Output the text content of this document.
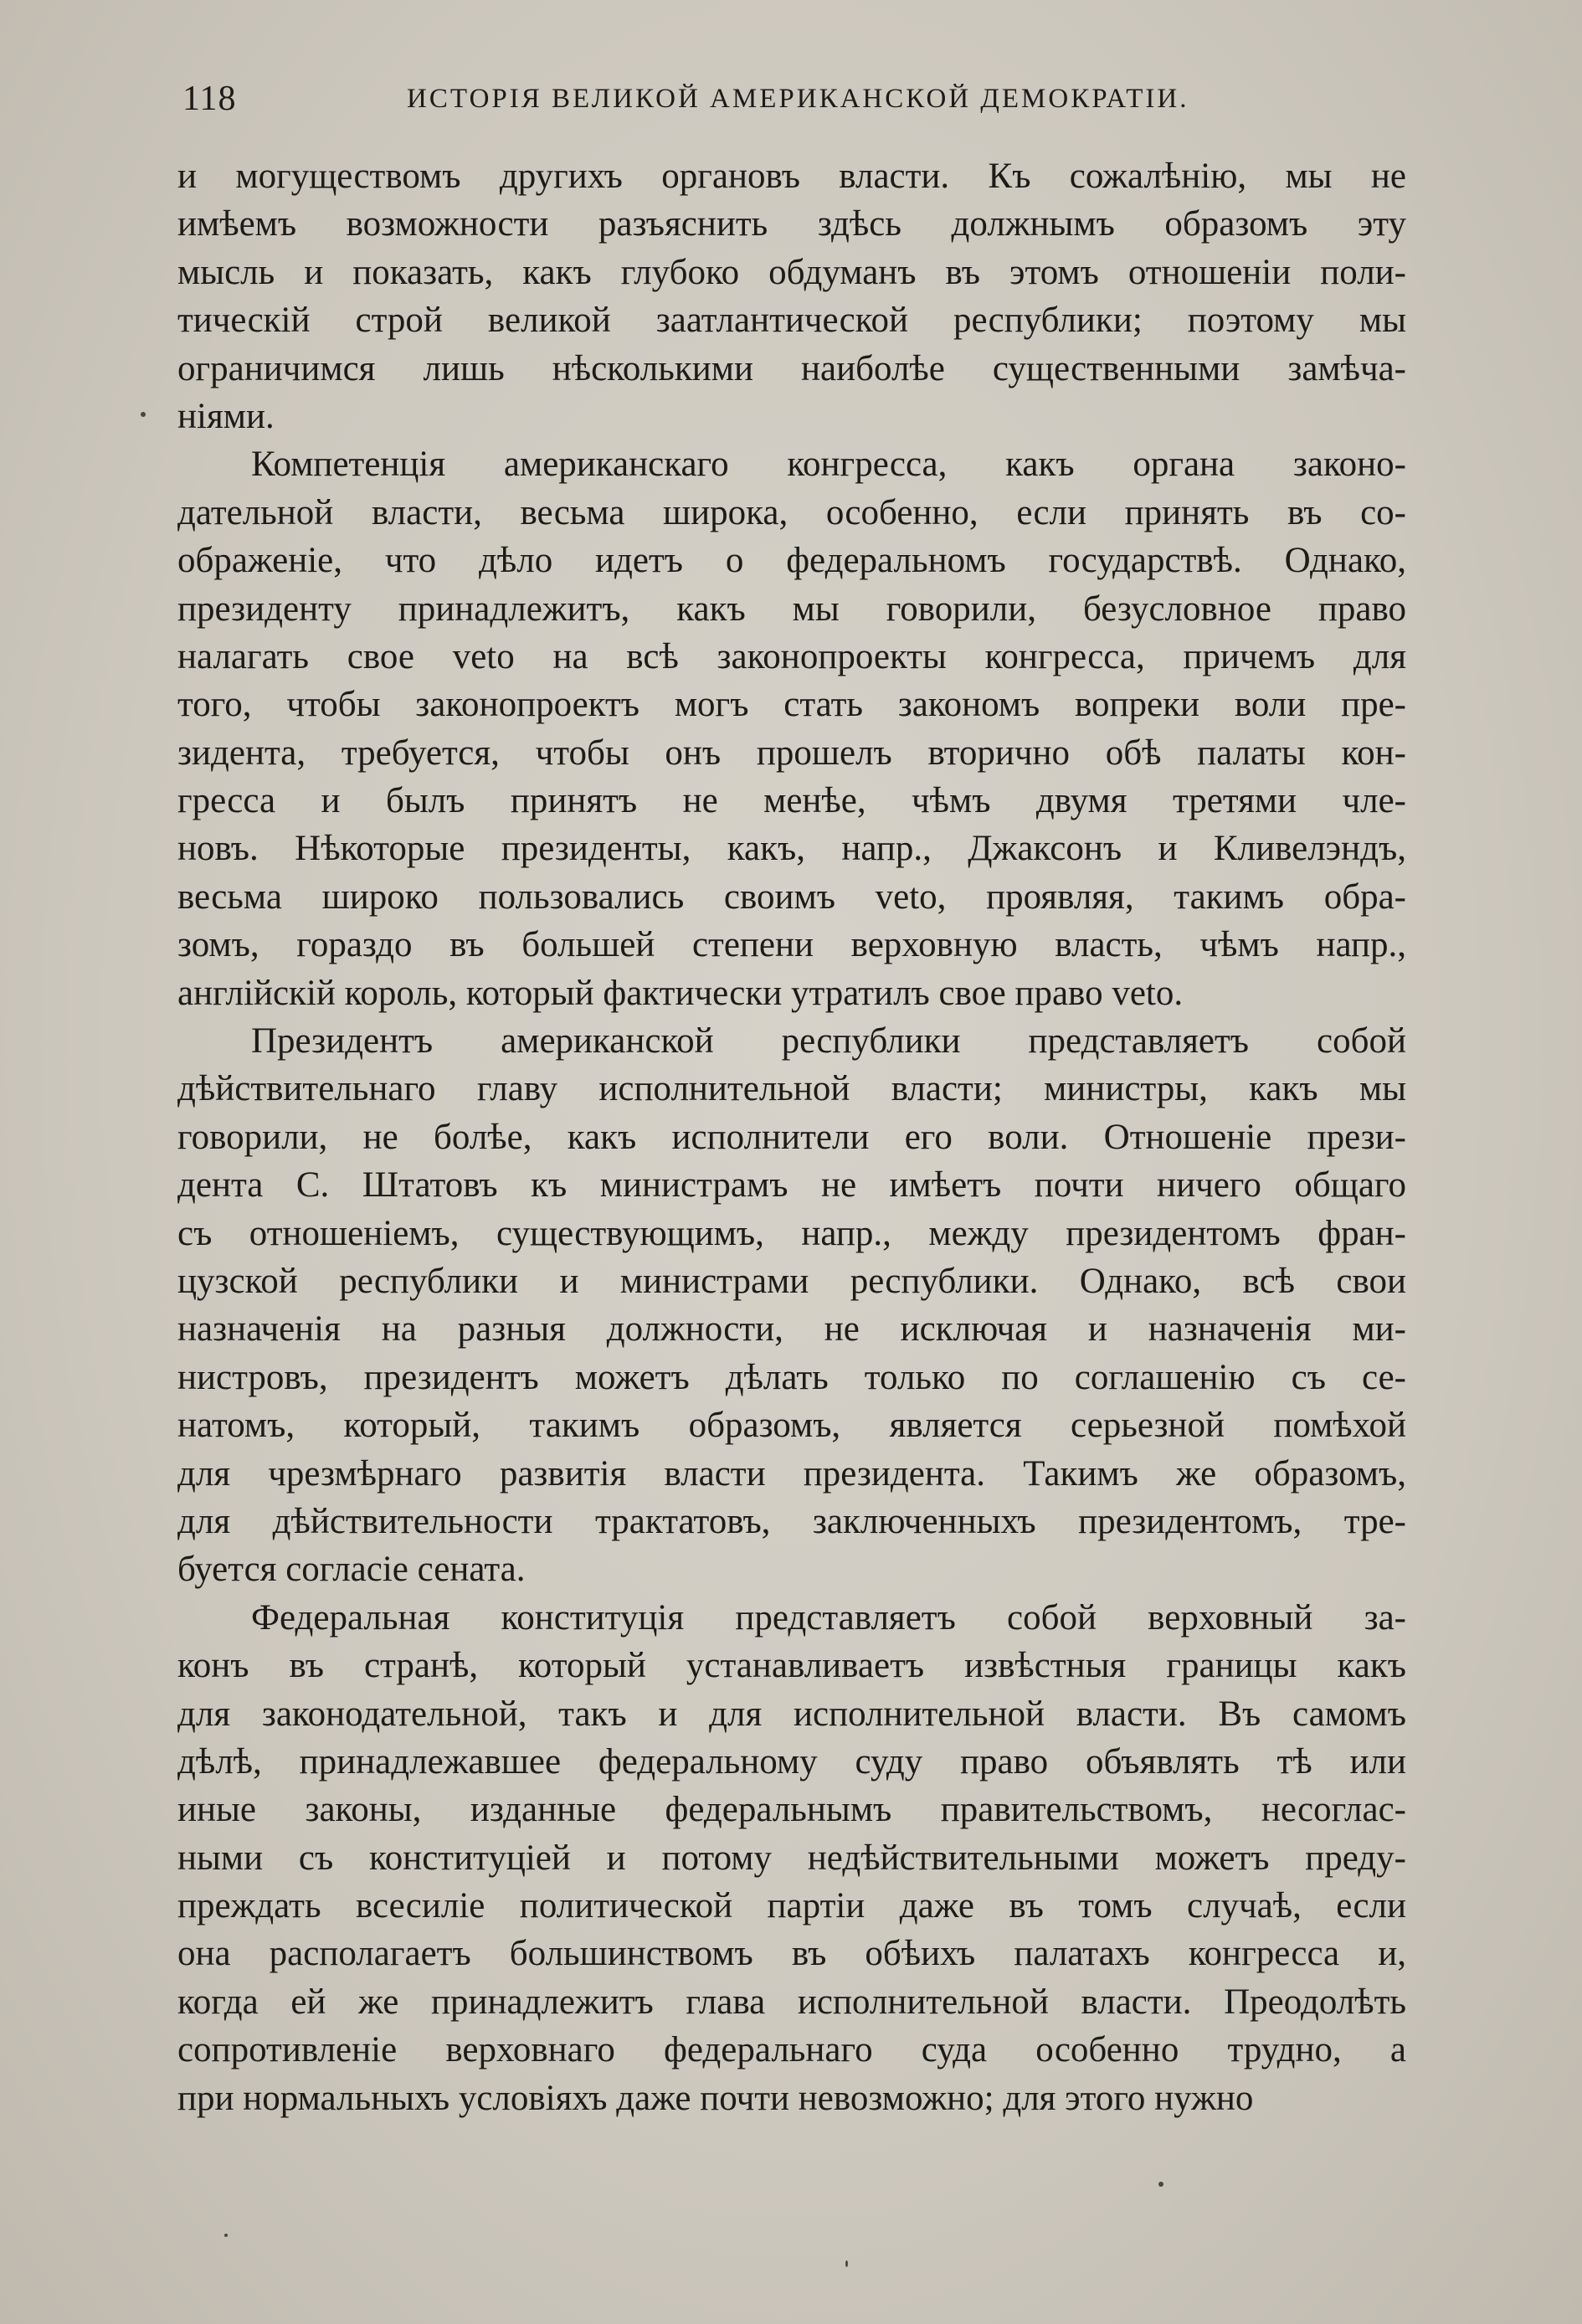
118	ИСТОРІЯ ВЕЛИКОЙ АМЕРИКАНСКОЙ ДЕМОКРАТІИ.
и могуществомъ другихъ органовъ власти. Къ сожалѣнію, мы не
имѣемъ возможности разъяснить здѣсь должнымъ образомъ эту
мысль и показать, какъ глубоко обдуманъ въ этомъ отношеніи поли-
тическій строй великой заатлантической республики; поэтому мы
ограничимся лишь нѣсколькими наиболѣе существенными замѣча-
ніями.
Компетенція американскаго конгресса, какъ органа законо-
дательной власти, весьма широка, особенно, если принять въ со-
ображеніе, что дѣло идетъ о федеральномъ государствѣ. Однако,
президенту принадлежитъ, какъ мы говорили, безусловное право
налагать свое veto на всѣ законопроекты конгресса, причемъ для
того, чтобы законопроектъ могъ стать закономъ вопреки воли пре-
зидента, требуется, чтобы онъ прошелъ вторично обѣ палаты кон-
гресса и былъ принятъ не менѣе, чѣмъ двумя третями чле-
новъ. Нѣкоторые президенты, какъ, напр., Джаксонъ и Кливелэндъ,
весьма широко пользовались своимъ veto, проявляя, такимъ обра-
зомъ, гораздо въ большей степени верховную власть, чѣмъ напр.,
англійскій король, который фактически утратилъ свое право veto.
Президентъ американской республики представляетъ собой
дѣйствительнаго главу исполнительной власти; министры, какъ мы
говорили, не болѣе, какъ исполнители его воли. Отношеніе прези-
дента С. Штатовъ къ министрамъ не имѣетъ почти ничего общаго
съ отношеніемъ, существующимъ, напр., между президентомъ фран-
цузской республики и министрами республики. Однако, всѣ свои
назначенія на разныя должности, не исключая и назначенія ми-
нистровъ, президентъ можетъ дѣлать только по соглашенію съ се-
натомъ, который, такимъ образомъ, является серьезной помѣхой
для чрезмѣрнаго развитія власти президента. Такимъ же образомъ,
для дѣйствительности трактатовъ, заключенныхъ президентомъ, тре-
буется согласіе сената.
Федеральная конституція представляетъ собой верховный за-
конъ въ странѣ, который устанавливаетъ извѣстныя границы какъ
для законодательной, такъ и для исполнительной власти. Въ самомъ
дѣлѣ, принадлежавшее федеральному суду право объявлять тѣ или
иные законы, изданные федеральнымъ правительствомъ, несоглас-
ными съ конституціей и потому недѣйствительными можетъ преду-
преждать всесиліе политической партіи даже въ томъ случаѣ, если
она располагаетъ большинствомъ въ обѣихъ палатахъ конгресса и,
когда ей же принадлежитъ глава исполнительной власти. Преодолѣть
сопротивленіе верховнаго федеральнаго суда особенно трудно, а
при нормальныхъ условіяхъ даже почти невозможно; для этого нужно
